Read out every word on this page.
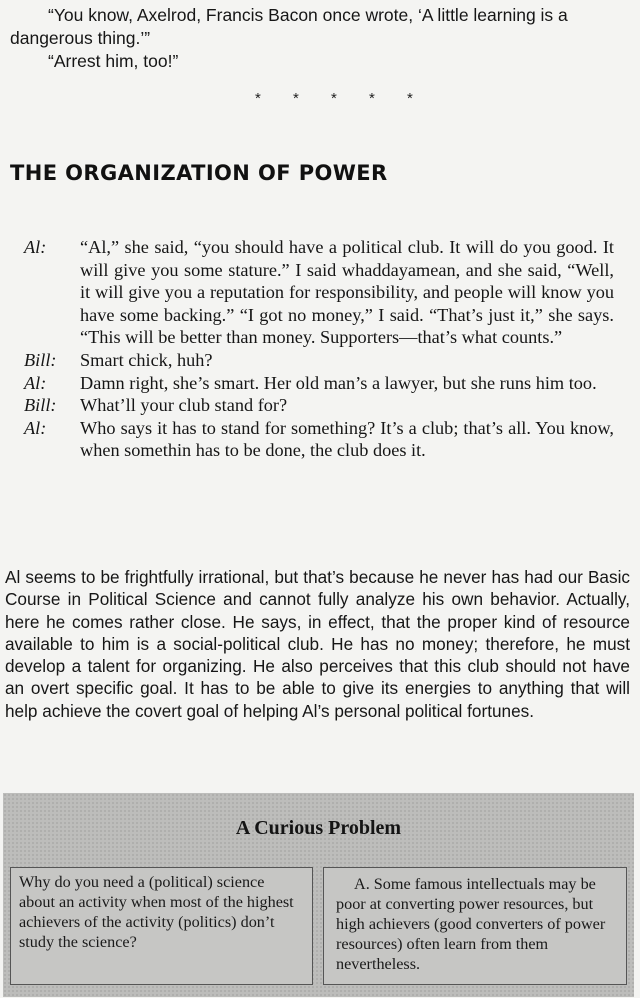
“You know, Axelrod, Francis Bacon once wrote, ‘A little learning is a dangerous thing.’”

“Arrest him, too!”

* * * * *
THE ORGANIZATION OF POWER
Al:	“Al,” she said, “you should have a political club. It will do you good. It will give you some stature.” I said whaddayamean, and she said, “Well, it will give you a reputation for responsibility, and people will know you have some backing.” “I got no money,” I said. “That’s just it,” she says. “This will be better than money. Supporters—that’s what counts.”
Bill:	Smart chick, huh?
Al:	Damn right, she’s smart. Her old man’s a lawyer, but she runs him too.
Bill:	What’ll your club stand for?
Al:	Who says it has to stand for something? It’s a club; that’s all. You know, when somethin has to be done, the club does it.

Al seems to be frightfully irrational, but that’s because he never has had our Basic Course in Political Science and cannot fully analyze his own behavior. Actually, here he comes rather close. He says, in effect, that the proper kind of resource available to him is a social-political club. He has no money; therefore, he must develop a talent for organizing. He also perceives that this club should not have an overt specific goal. It has to be able to give its energies to anything that will help achieve the covert goal of helping Al’s personal political fortunes.

A Curious Problem
Why do you need a (political) science about an activity when most of the highest achievers of the activity (politics) don’t study the science?
A. Some famous intellectuals may be poor at converting power resources, but high achievers (good converters of power resources) often learn from them nevertheless.
